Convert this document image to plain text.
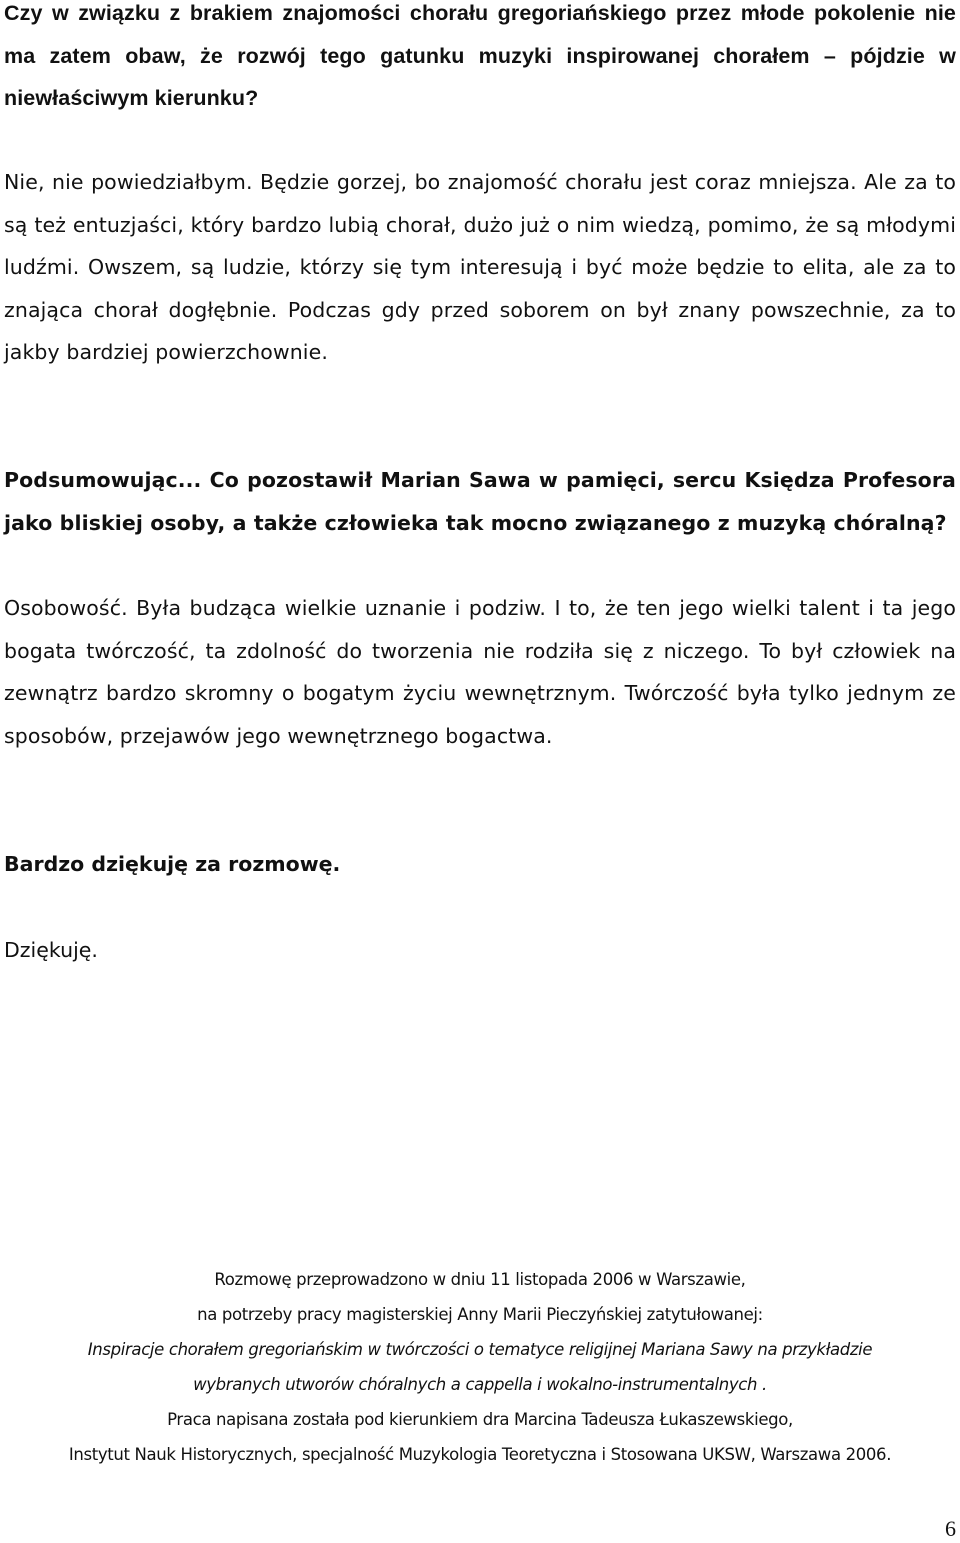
Czy w związku z brakiem znajomości chorału gregoriańskiego przez młode pokolenie nie ma zatem obaw, że rozwój tego gatunku muzyki inspirowanej chorałem – pójdzie w niewłaściwym kierunku?

Nie, nie powiedziałbym. Będzie gorzej, bo znajomość chorału jest coraz mniejsza. Ale za to są też entuzjaści, który bardzo lubią chorał, dużo już o nim wiedzą, pomimo, że są młodymi ludźmi. Owszem, są ludzie, którzy się tym interesują i być może będzie to elita, ale za to znająca chorał dogłębnie. Podczas gdy przed soborem on był znany powszechnie, za to jakby bardziej powierzchownie.

Podsumowując... Co pozostawił Marian Sawa w pamięci, sercu Księdza Profesora jako bliskiej osoby, a także człowieka tak mocno związanego z muzyką chóralną?

Osobowość. Była budząca wielkie uznanie i podziw. I to, że ten jego wielki talent i ta jego bogata twórczość, ta zdolność do tworzenia nie rodziła się z niczego. To był człowiek na zewnątrz bardzo skromny o bogatym życiu wewnętrznym. Twórczość była tylko jednym ze sposobów, przejawów jego wewnętrznego bogactwa.

Bardzo dziękuję za rozmowę.

Dziękuję.

Rozmowę przeprowadzono w dniu 11 listopada 2006 w Warszawie,
na potrzeby pracy magisterskiej Anny Marii Pieczyńskiej zatytułowanej:
Inspiracje chorałem gregoriańskim w twórczości o tematyce religijnej Mariana Sawy na przykładzie
wybranych utworów chóralnych a cappella i wokalno-instrumentalnych .
Praca napisana została pod kierunkiem dra Marcina Tadeusza Łukaszewskiego,
Instytut Nauk Historycznych, specjalność Muzykologia Teoretyczna i Stosowana UKSW, Warszawa 2006.
6
